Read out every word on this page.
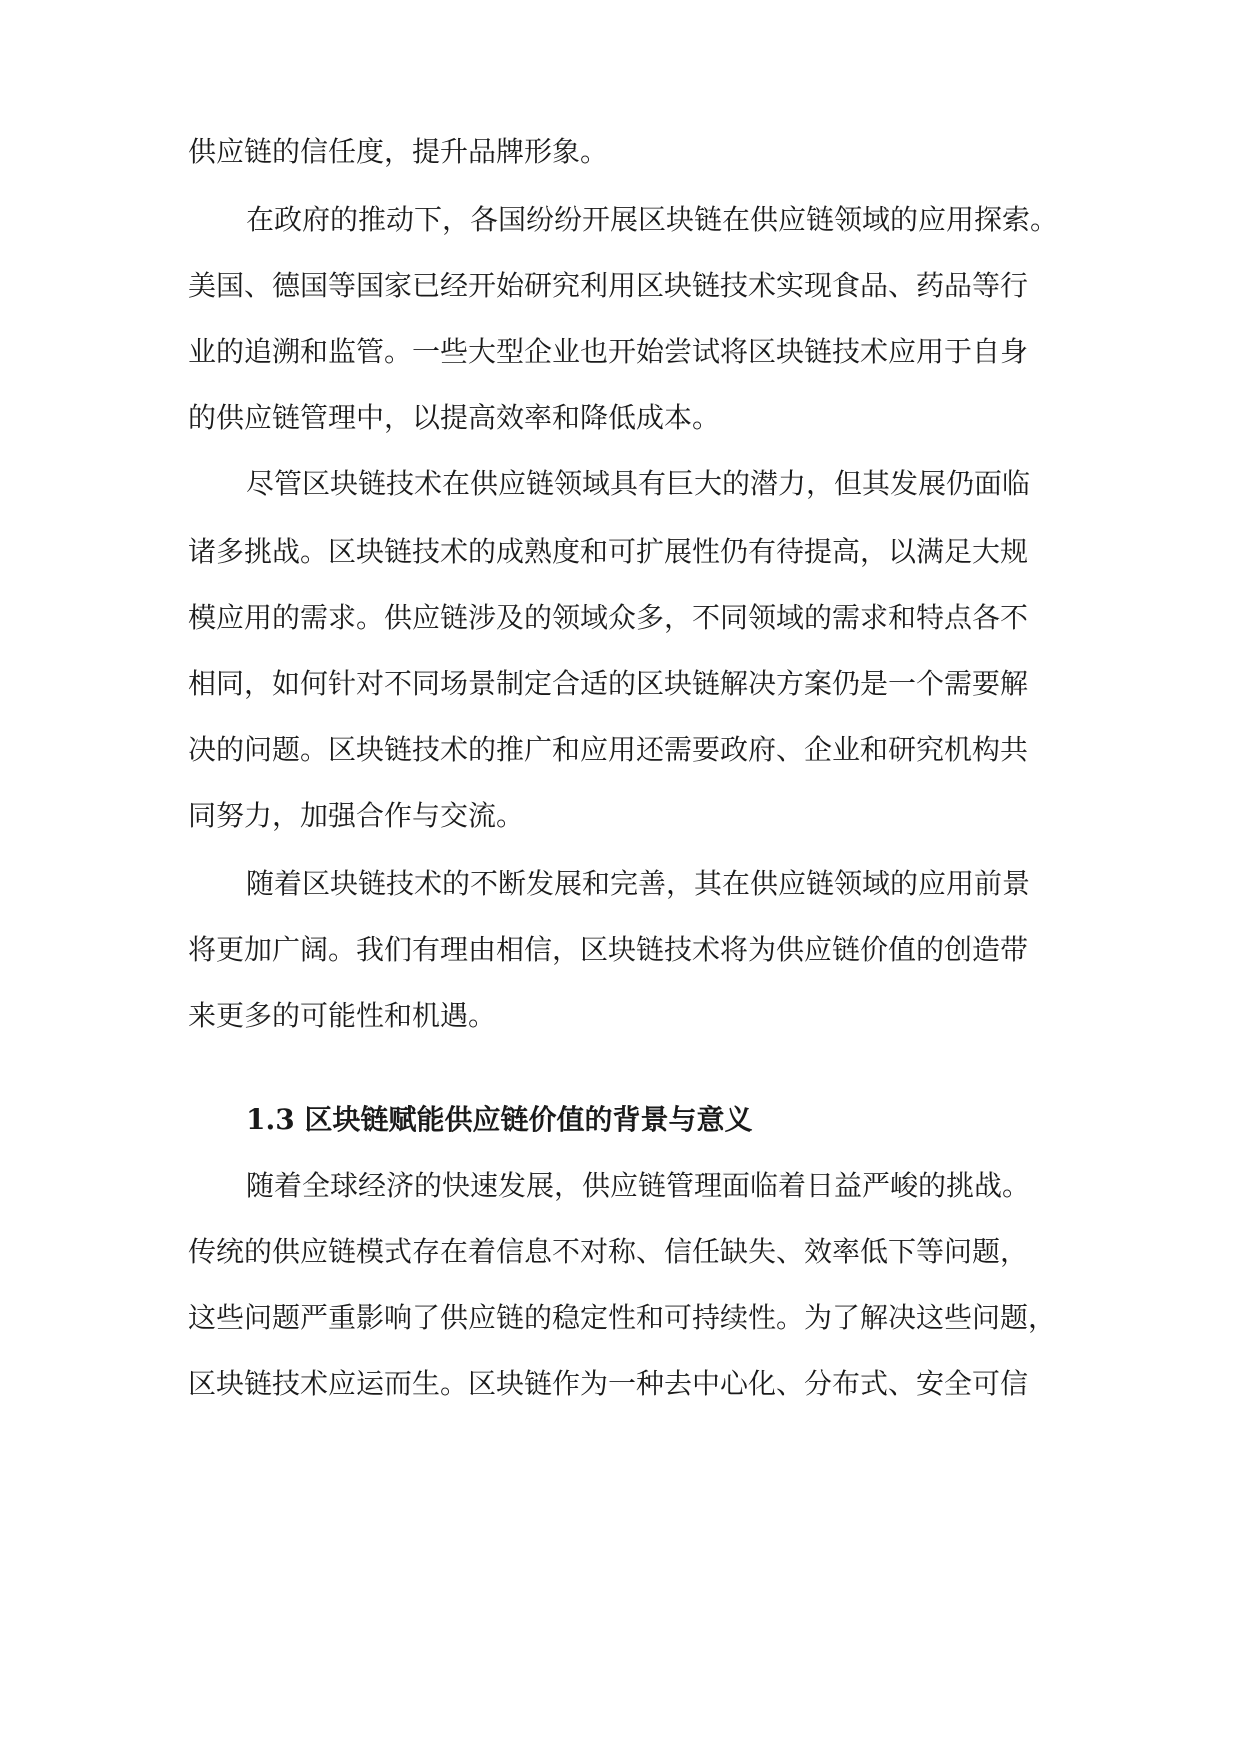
供应链的信任度，提升品牌形象。
在政府的推动下，各国纷纷开展区块链在供应链领域的应用探索。
美国、德国等国家已经开始研究利用区块链技术实现食品、药品等行
业的追溯和监管。一些大型企业也开始尝试将区块链技术应用于自身
的供应链管理中，以提高效率和降低成本。
尽管区块链技术在供应链领域具有巨大的潜力，但其发展仍面临
诸多挑战。区块链技术的成熟度和可扩展性仍有待提高，以满足大规
模应用的需求。供应链涉及的领域众多，不同领域的需求和特点各不
相同，如何针对不同场景制定合适的区块链解决方案仍是一个需要解
决的问题。区块链技术的推广和应用还需要政府、企业和研究机构共
同努力，加强合作与交流。
随着区块链技术的不断发展和完善，其在供应链领域的应用前景
将更加广阔。我们有理由相信，区块链技术将为供应链价值的创造带
来更多的可能性和机遇。
1.3 区块链赋能供应链价值的背景与意义
随着全球经济的快速发展，供应链管理面临着日益严峻的挑战。
传统的供应链模式存在着信息不对称、信任缺失、效率低下等问题，
这些问题严重影响了供应链的稳定性和可持续性。为了解决这些问题，
区块链技术应运而生。区块链作为一种去中心化、分布式、安全可信
